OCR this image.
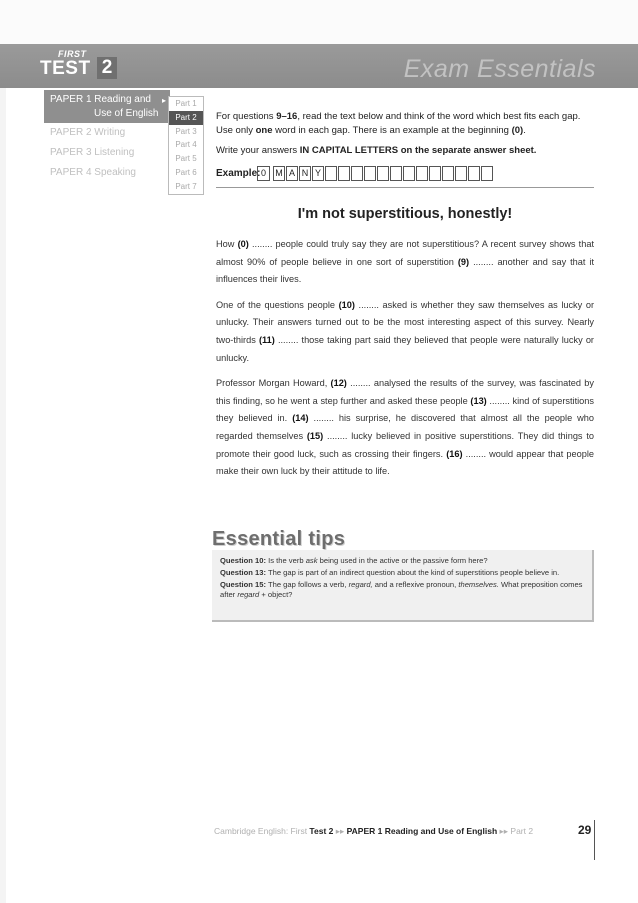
FIRST
TEST 2	Exam Essentials
PAPER 1 Reading and
Use of English
▸
PAPER 2 Writing
PAPER 3 Listening
PAPER 4 Speaking
Part 1
Part 2
Part 3
Part 4
Part 5
Part 6
Part 7

For questions 9–16, read the text below and think of the word which best fits each gap. Use only one word in each gap. There is an example at the beginning (0).

Write your answers IN CAPITAL LETTERS on the separate answer sheet.

Example: 0	M A N Y
I'm not superstitious, honestly!

How (0) ........ people could truly say they are not superstitious? A recent survey shows that almost 90% of people believe in one sort of superstition (9) ........ another and say that it influences their lives.

One of the questions people (10) ........ asked is whether they saw themselves as lucky or unlucky. Their answers turned out to be the most interesting aspect of this survey. Nearly two-thirds (11) ........ those taking part said they believed that people were naturally lucky or unlucky.

Professor Morgan Howard, (12) ........ analysed the results of the survey, was fascinated by this finding, so he went a step further and asked these people (13) ........ kind of superstitions they believed in. (14) ........ his surprise, he discovered that almost all the people who regarded themselves (15) ........ lucky believed in positive superstitions. They did things to promote their good luck, such as crossing their fingers. (16) ........ would appear that people make their own luck by their attitude to life.

Essential tips

Question 10: Is the verb ask being used in the active or the passive form here?

Question 13: The gap is part of an indirect question about the kind of superstitions people believe in.

Question 15: The gap follows a verb, regard, and a reflexive pronoun, themselves. What preposition comes after regard + object?

Cambridge English: First Test 2 ▸▸ PAPER 1 Reading and Use of English ▸▸ Part 2	29
